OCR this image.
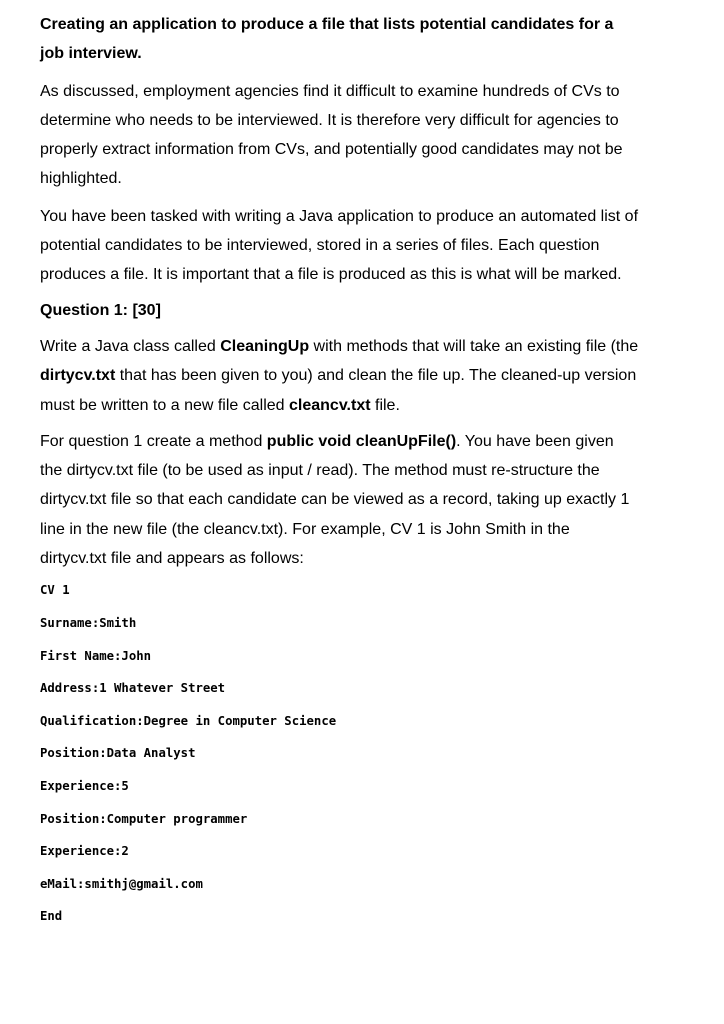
Creating an application to produce a file that lists potential candidates for a

job interview.

As discussed, employment agencies find it difficult to examine hundreds of CVs to

determine who needs to be interviewed. It is therefore very difficult for agencies to

properly extract information from CVs, and potentially good candidates may not be

highlighted.

You have been tasked with writing a Java application to produce an automated list of

potential candidates to be interviewed, stored in a series of files. Each question

produces a file. It is important that a file is produced as this is what will be marked.

Question 1: [30]

Write a Java class called CleaningUp with methods that will take an existing file (the

dirtycv.txt that has been given to you) and clean the file up. The cleaned-up version

must be written to a new file called cleancv.txt file.

For question 1 create a method public void cleanUpFile(). You have been given

the dirtycv.txt file (to be used as input / read). The method must re-structure the

dirtycv.txt file so that each candidate can be viewed as a record, taking up exactly 1

line in the new file (the cleancv.txt). For example, CV 1 is John Smith in the

dirtycv.txt file and appears as follows:

CV 1

Surname:Smith

First Name:John

Address:1 Whatever Street

Qualification:Degree in Computer Science

Position:Data Analyst

Experience:5

Position:Computer programmer

Experience:2

eMail:smithj@gmail.com

End
